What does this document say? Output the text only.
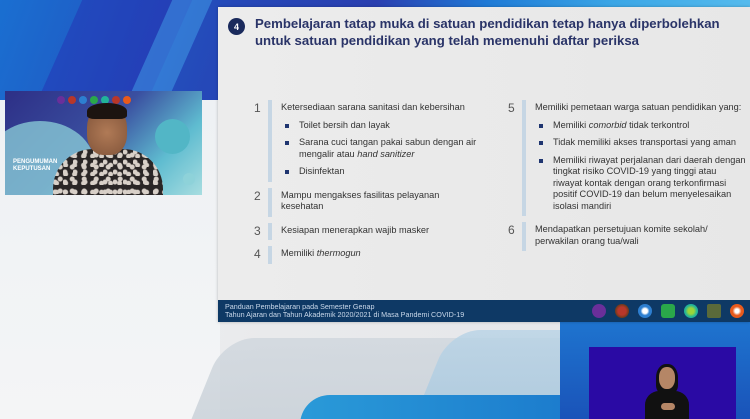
PENGUMUMAN KEPUTUSAN
4	Pembelajaran tatap muka di satuan pendidikan tetap hanya diperbolehkan untuk satuan pendidikan yang telah memenuhi daftar periksa
1	Ketersediaan sarana sanitasi dan kebersihan
Toilet bersih dan layak
Sarana cuci tangan pakai sabun dengan air mengalir atau hand sanitizer
Disinfektan
2	Mampu mengakses fasilitas pelayanan kesehatan
3	Kesiapan menerapkan wajib masker
4	Memiliki thermogun
5	Memiliki pemetaan warga satuan pendidikan yang:
Memiliki comorbid tidak terkontrol
Tidak memiliki akses transportasi yang aman
Memiliki riwayat perjalanan dari daerah dengan tingkat risiko COVID-19 yang tinggi atau riwayat kontak dengan orang terkonfirmasi positif COVID-19 dan belum menyelesaikan isolasi mandiri
6	Mendapatkan persetujuan komite sekolah/ perwakilan orang tua/wali
Panduan Pembelajaran pada Semester Genap
Tahun Ajaran dan Tahun Akademik 2020/2021 di Masa Pandemi COVID-19
